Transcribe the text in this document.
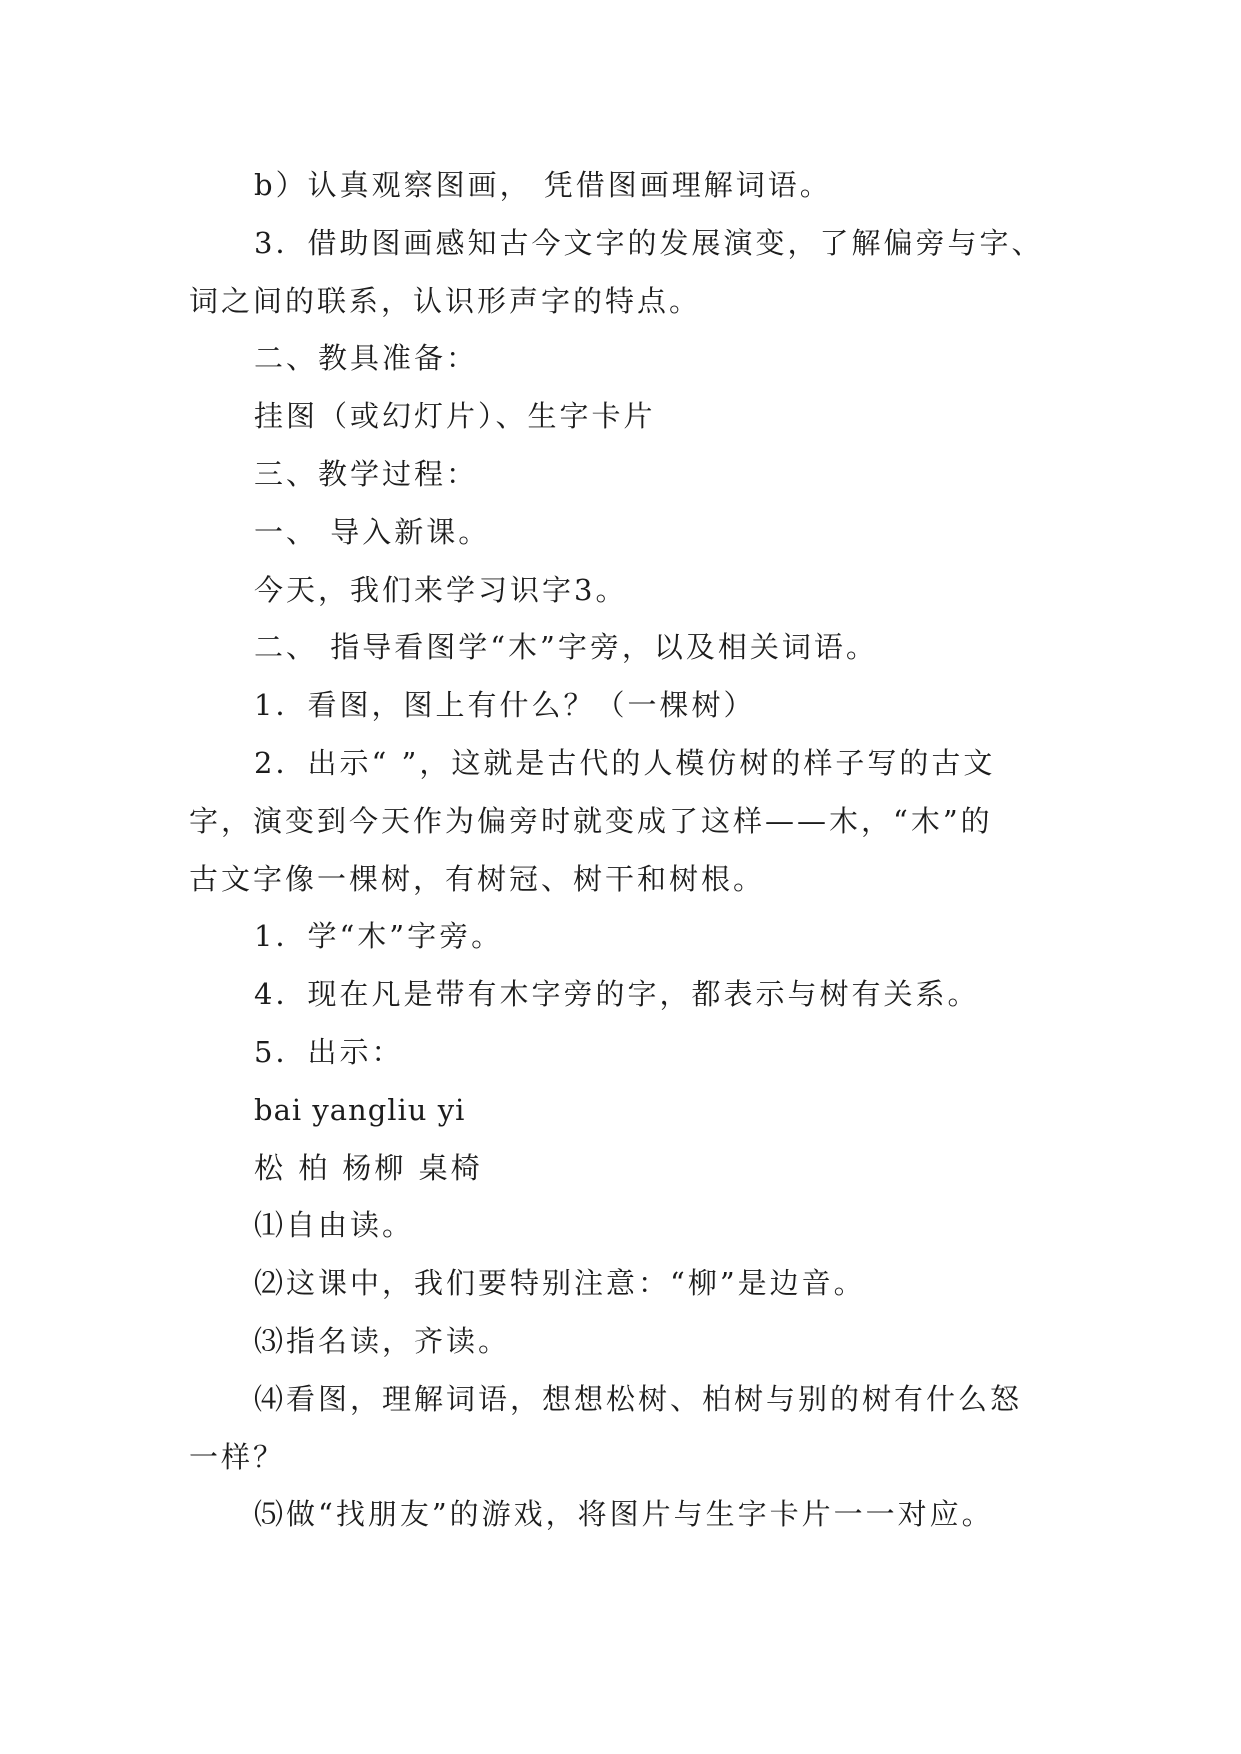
b）认真观察图画， 凭借图画理解词语。
3．借助图画感知古今文字的发展演变，了解偏旁与字、
词之间的联系，认识形声字的特点。
二、教具准备：
挂图（或幻灯片）、生字卡片
三、教学过程：
一、 导入新课。
今天，我们来学习识字3。
二、 指导看图学“木”字旁，以及相关词语。
1．看图，图上有什么？（一棵树）
2．出示“ ”，这就是古代的人模仿树的样子写的古文
字，演变到今天作为偏旁时就变成了这样——木，“木”的
古文字像一棵树，有树冠、树干和树根。
1．学“木”字旁。
4．现在凡是带有木字旁的字，都表示与树有关系。
5．出示：
bai yangliu yi
松 柏 杨柳 桌椅
⑴自由读。
⑵这课中，我们要特别注意：“柳”是边音。
⑶指名读，齐读。
⑷看图，理解词语，想想松树、柏树与别的树有什么怒
一样？
⑸做“找朋友”的游戏，将图片与生字卡片一一对应。
